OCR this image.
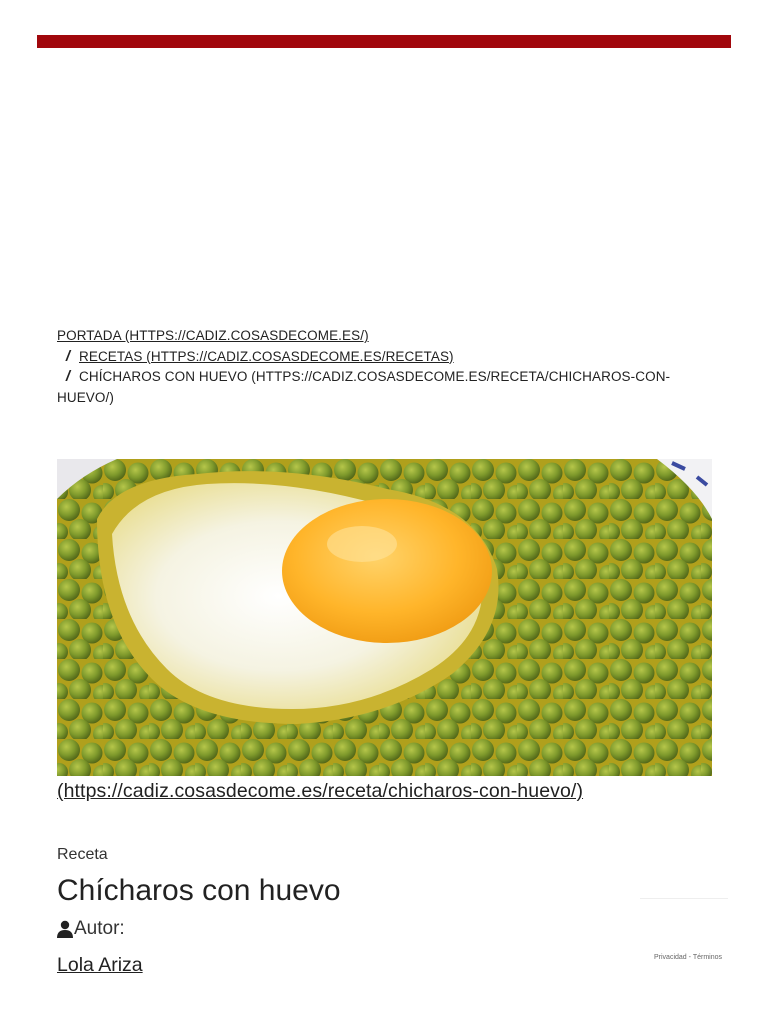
PORTADA (HTTPS://CADIZ.COSASDECOME.ES/)
/ RECETAS (HTTPS://CADIZ.COSASDECOME.ES/RECETAS)
/ CHÍCHAROS CON HUEVO (HTTPS://CADIZ.COSASDECOME.ES/RECETA/CHICHAROS-CON-
HUEVO/)
(https://cadiz.cosasdecome.es/receta/chicharos-con-huevo/)
Receta
Chícharos con huevo
Autor:
Lola Ariza	Privacidad - Términos
